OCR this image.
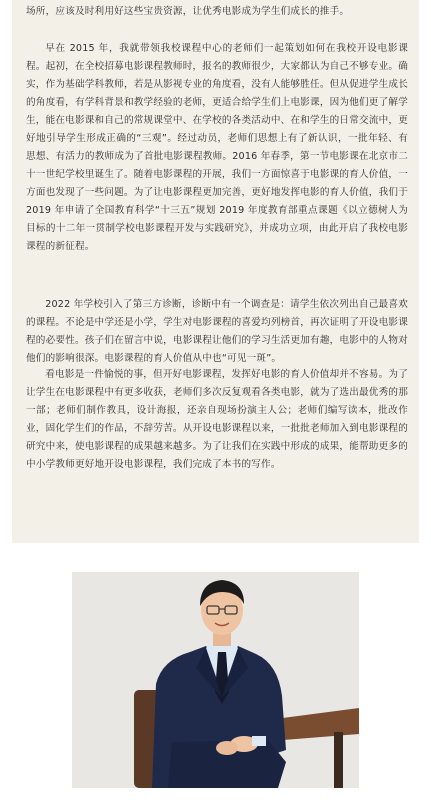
场所，应该及时利用好这些宝贵资源，让优秀电影成为学生们成长的推手。

早在 2015 年，我就带领我校课程中心的老师们一起策划如何在我校开设电影课程。起初，在全校招募电影课程教师时，报名的教师很少，大家都认为自己不够专业。确实，作为基础学科教师，若是从影视专业的角度看，没有人能够胜任。但从促进学生成长的角度看，有学科背景和教学经验的老师，更适合给学生们上电影课，因为他们更了解学生，能在电影课和自己的常规课堂中、在学校的各类活动中、在和学生的日常交流中，更好地引导学生形成正确的“三观”。经过动员，老师们思想上有了新认识，一批年轻、有思想、有活力的教师成为了首批电影课程教师。2016 年春季，第一节电影课在北京市二十一世纪学校里诞生了。随着电影课程的开展，我们一方面惊喜于电影课的育人价值，一方面也发现了一些问题。为了让电影课程更加完善，更好地发挥电影的育人价值，我们于 2019 年申请了全国教育科学“十三五”规划 2019 年度教育部重点课题《以立德树人为目标的十二年一贯制学校电影课程开发与实践研究》，并成功立项，由此开启了我校电影课程的新征程。

2022 年学校引入了第三方诊断，诊断中有一个调查是：请学生依次列出自己最喜欢的课程。不论是中学还是小学，学生对电影课程的喜爱均列榜首，再次证明了开设电影课程的必要性。孩子们在留言中说，电影课程让他们的学习生活更加有趣，电影中的人物对他们的影响很深。电影课程的育人价值从中也“可见一斑”。

看电影是一件愉悦的事，但开好电影课程，发挥好电影的育人价值却并不容易。为了让学生在电影课程中有更多收获，老师们多次反复观看各类电影，就为了选出最优秀的那一部；老师们制作教具，设计海报，还亲自现场扮演主人公；老师们编写读本，批改作业，固化学生们的作品，不辞劳苦。从开设电影课程以来，一批批老师加入到电影课程的研究中来，使电影课程的成果越来越多。为了让我们在实践中形成的成果，能帮助更多的中小学教师更好地开设电影课程，我们完成了本书的写作。
